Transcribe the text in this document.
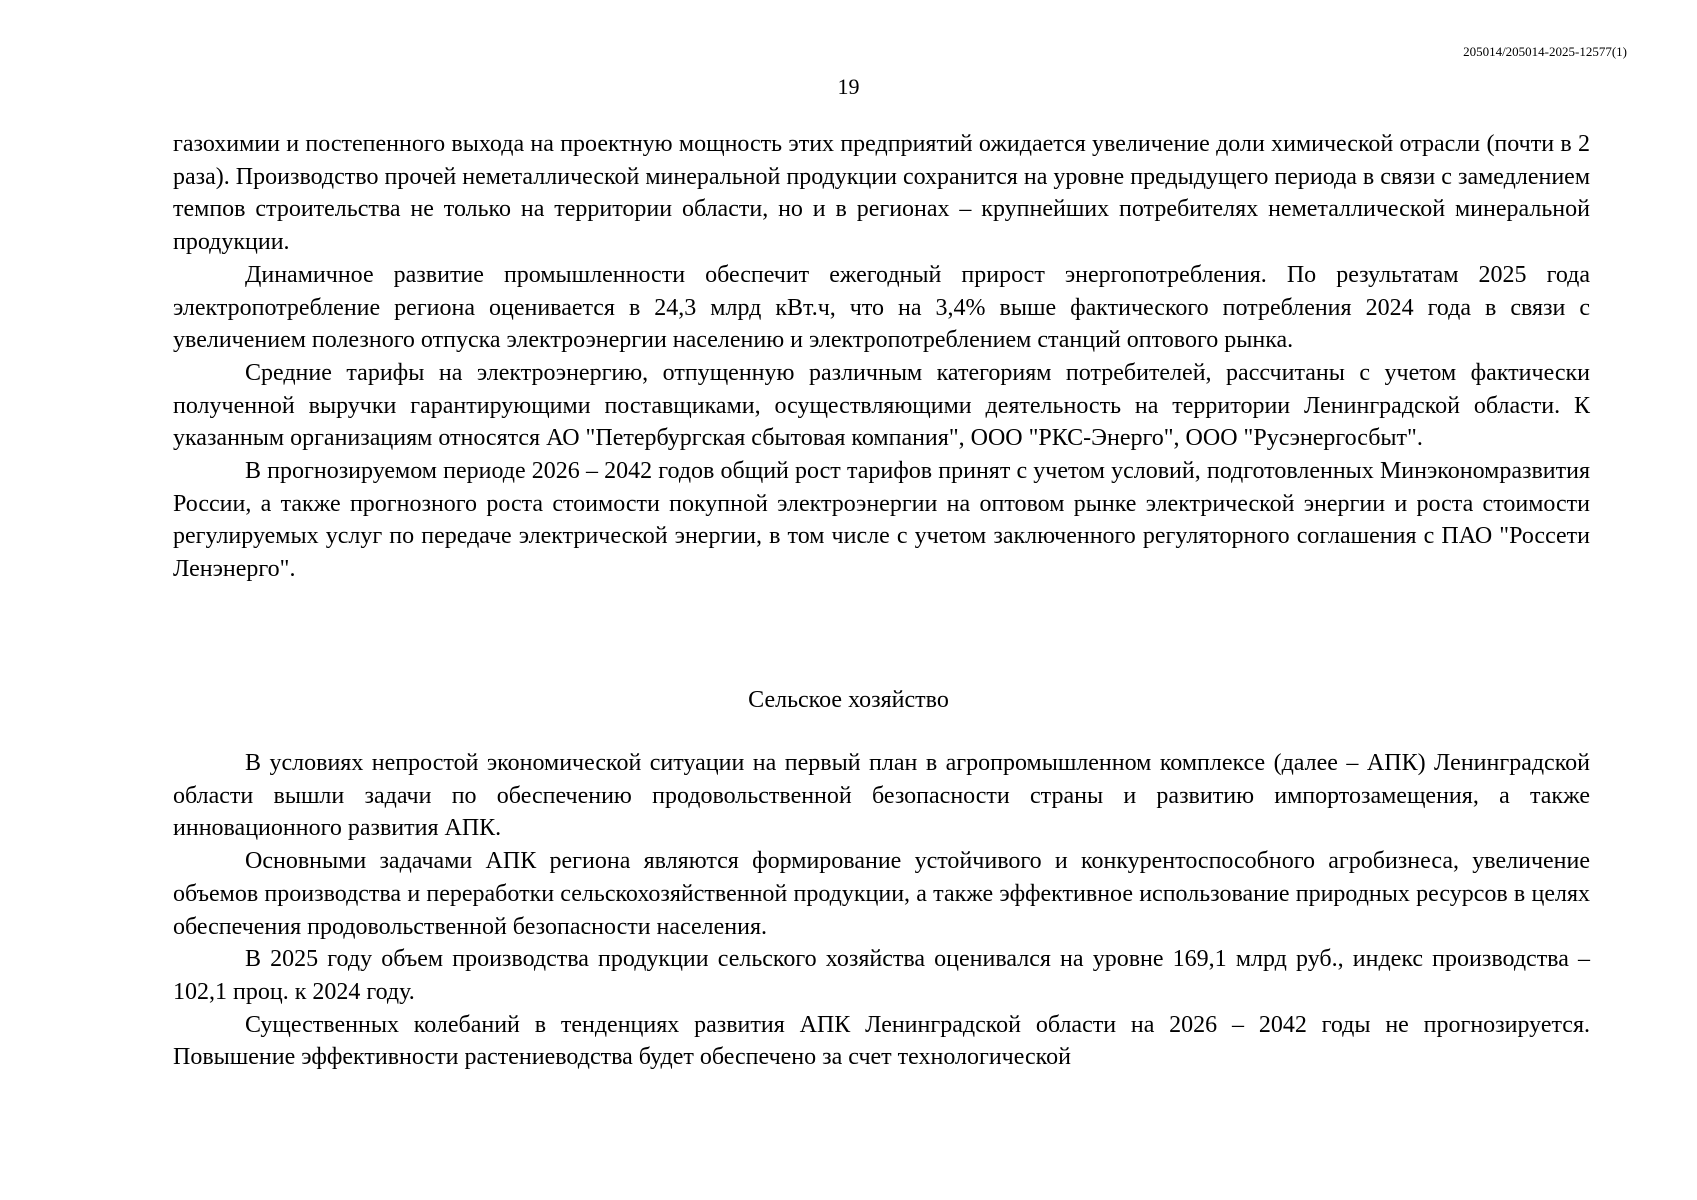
205014/205014-2025-12577(1)
19

газохимии и постепенного выхода на проектную мощность этих предприятий ожидается увеличение доли химической отрасли (почти в 2 раза). Производство прочей неметаллической минеральной продукции сохранится на уровне предыдущего периода в связи с замедлением темпов строительства не только на территории области, но и в регионах – крупнейших потребителях неметаллической минеральной продукции.

Динамичное развитие промышленности обеспечит ежегодный прирост энергопотребления. По результатам 2025 года электропотребление региона оценивается в 24,3 млрд кВт.ч, что на 3,4% выше фактического потребления 2024 года в связи с увеличением полезного отпуска электроэнергии населению и электропотреблением станций оптового рынка.

Средние тарифы на электроэнергию, отпущенную различным категориям потребителей, рассчитаны с учетом фактически полученной выручки гарантирующими поставщиками, осуществляющими деятельность на территории Ленинградской области. К указанным организациям относятся АО "Петербургская сбытовая компания", ООО "РКС-Энерго", ООО "Русэнергосбыт".

В прогнозируемом периоде 2026 – 2042 годов общий рост тарифов принят с учетом условий, подготовленных Минэкономразвития России, а также прогнозного роста стоимости покупной электроэнергии на оптовом рынке электрической энергии и роста стоимости регулируемых услуг по передаче электрической энергии, в том числе с учетом заключенного регуляторного соглашения с ПАО "Россети Ленэнерго".

Сельское хозяйство

В условиях непростой экономической ситуации на первый план в агропромышленном комплексе (далее – АПК) Ленинградской области вышли задачи по обеспечению продовольственной безопасности страны и развитию импортозамещения, а также инновационного развития АПК.

Основными задачами АПК региона являются формирование устойчивого и конкурентоспособного агробизнеса, увеличение объемов производства и переработки сельскохозяйственной продукции, а также эффективное использование природных ресурсов в целях обеспечения продовольственной безопасности населения.

В 2025 году объем производства продукции сельского хозяйства оценивался на уровне 169,1 млрд руб., индекс производства – 102,1 проц. к 2024 году.

Существенных колебаний в тенденциях развития АПК Ленинградской области на 2026 – 2042 годы не прогнозируется. Повышение эффективности растениеводства будет обеспечено за счет технологической
